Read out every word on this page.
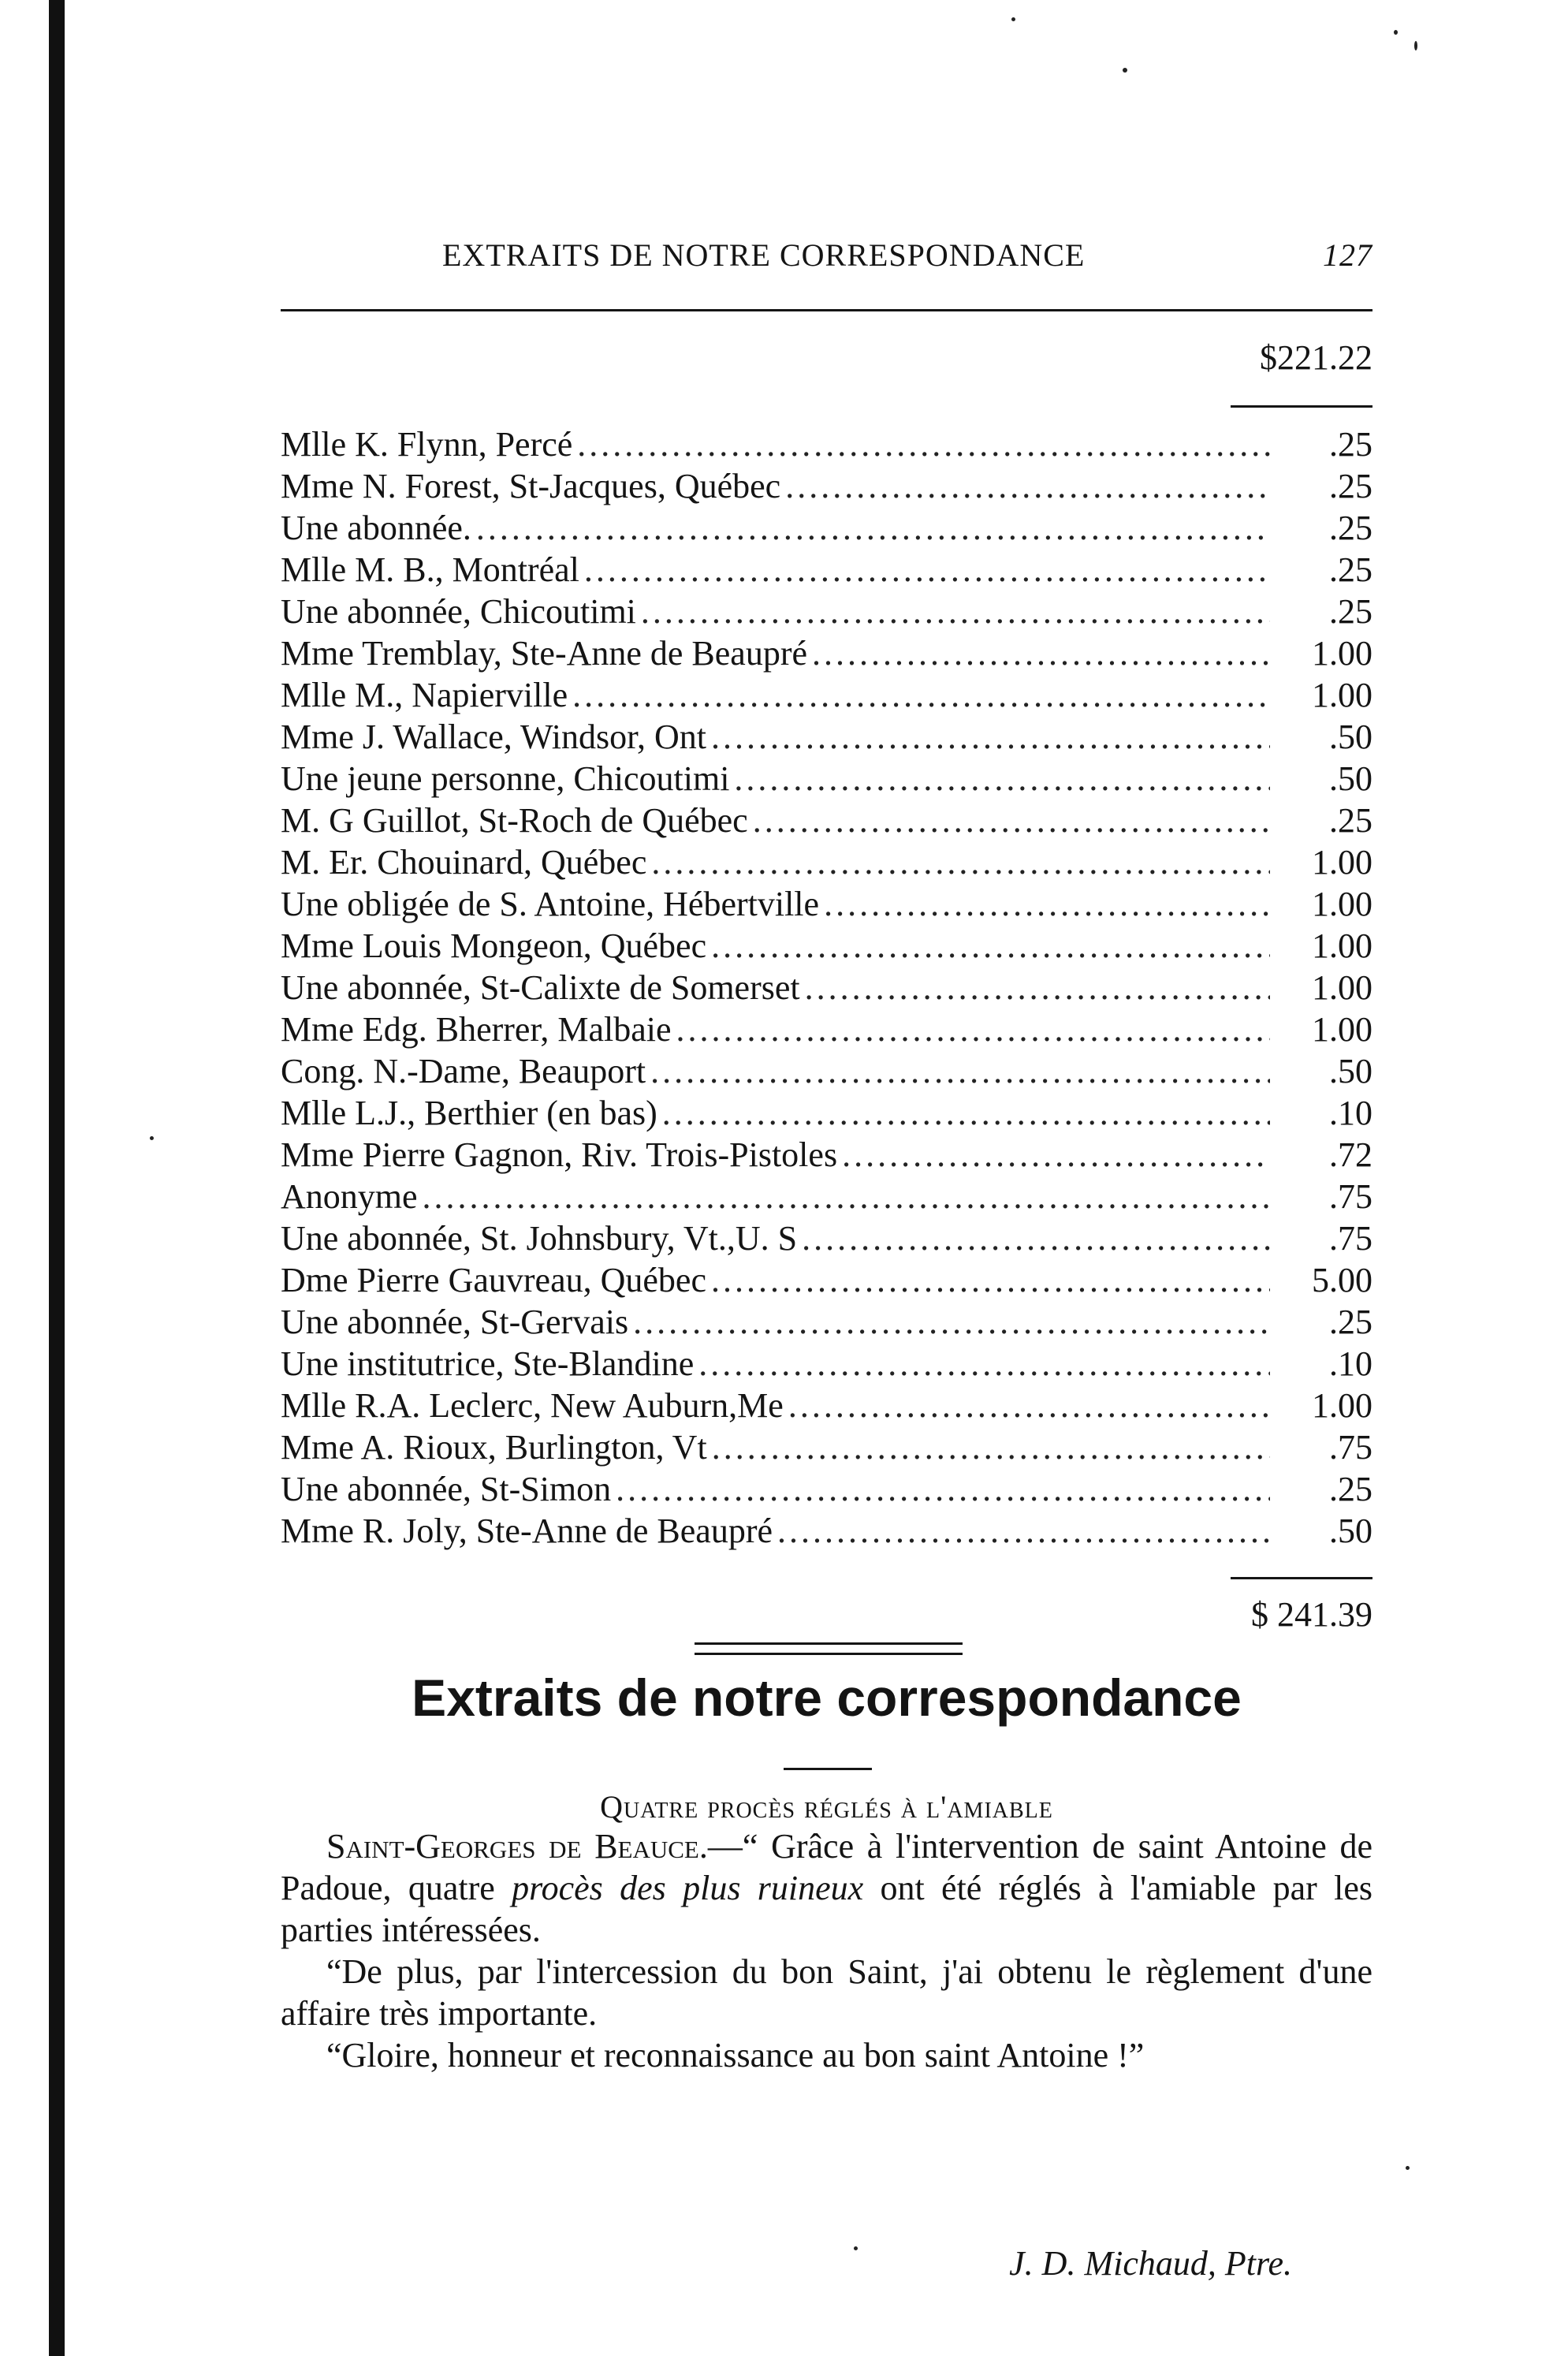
EXTRAITS DE NOTRE CORRESPONDANCE	127
$221.22
Mlle K. Flynn, Percé .....	.25
Mme N. Forest, St-Jacques, Québec .....	.25
Une abonnée. .....	.25
Mlle M. B., Montréal .....	.25
Une abonnée, Chicoutimi .....	.25
Mme Tremblay, Ste-Anne de Beaupré .....	1.00
Mlle M., Napierville .....	1.00
Mme J. Wallace, Windsor, Ont .....	.50
Une jeune personne, Chicoutimi .....	.50
M. G Guillot, St-Roch de Québec .....	.25
M. Er. Chouinard, Québec .....	1.00
Une obligée de S. Antoine, Hébertville .....	1.00
Mme Louis Mongeon, Québec .....	1.00
Une abonnée, St-Calixte de Somerset .....	1.00
Mme Edg. Bherrer, Malbaie .....	1.00
Cong. N.-Dame, Beauport .....	.50
Mlle L.J., Berthier (en bas) .....	.10
Mme Pierre Gagnon, Riv. Trois-Pistoles .....	.72
Anonyme .....	.75
Une abonnée, St. Johnsbury, Vt.,U. S .....	.75
Dme Pierre Gauvreau, Québec .....	5.00
Une abonnée, St-Gervais .....	.25
Une institutrice, Ste-Blandine .....	.10
Mlle R.A. Leclerc, New Auburn,Me .....	1.00
Mme A. Rioux, Burlington, Vt .....	.75
Une abonnée, St-Simon .....	.25
Mme R. Joly, Ste-Anne de Beaupré .....	.50
$ 241.39
Extraits de notre correspondance
Quatre procès réglés à l'amiable

Saint-Georges de Beauce.—“ Grâce à l'intervention de saint Antoine de Padoue, quatre procès des plus ruineux ont été réglés à l'amiable par les parties intéressées.

“De plus, par l'intercession du bon Saint, j'ai obtenu le règlement d'une affaire très importante.

“Gloire, honneur et reconnaissance au bon saint Antoine !”

J. D. Michaud, Ptre.
